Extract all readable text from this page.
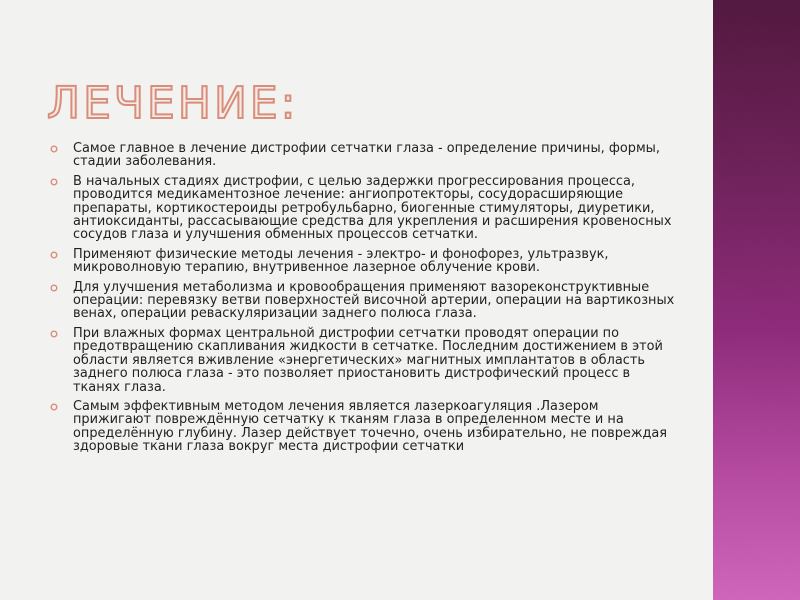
ЛЕЧЕНИЕ:
Самое главное в лечение дистрофии сетчатки глаза - определение причины, формы, стадии заболевания.
В начальных стадиях дистрофии, с целью задержки прогрессирования процесса, проводится медикаментозное лечение: ангиопротекторы, сосудорасширяющие препараты, кортикостероиды ретробульбарно, биогенные стимуляторы, диуретики, антиоксиданты, рассасывающие средства для укрепления и расширения кровеносных сосудов глаза и улучшения обменных процессов сетчатки.
Применяют физические методы лечения - электро- и фонофорез, ультразвук, микроволновую терапию, внутривенное лазерное облучение крови.
Для улучшения метаболизма и кровообращения применяют вазореконструктивные операции: перевязку ветви поверхностей височной артерии, операции на вартикозных венах, операции реваскуляризации заднего полюса глаза.
При влажных формах центральной дистрофии сетчатки проводят операции по предотвращению скапливания жидкости в сетчатке. Последним достижением в этой области является вживление «энергетических» магнитных имплантатов в область заднего полюса глаза - это позволяет приостановить дистрофический процесс в тканях глаза.
Самым эффективным методом лечения является лазеркоагуляция .Лазером прижигают повреждённую сетчатку к тканям глаза в определенном месте и на определённую глубину. Лазер действует точечно, очень избирательно, не повреждая здоровые ткани глаза вокруг места дистрофии сетчатки
